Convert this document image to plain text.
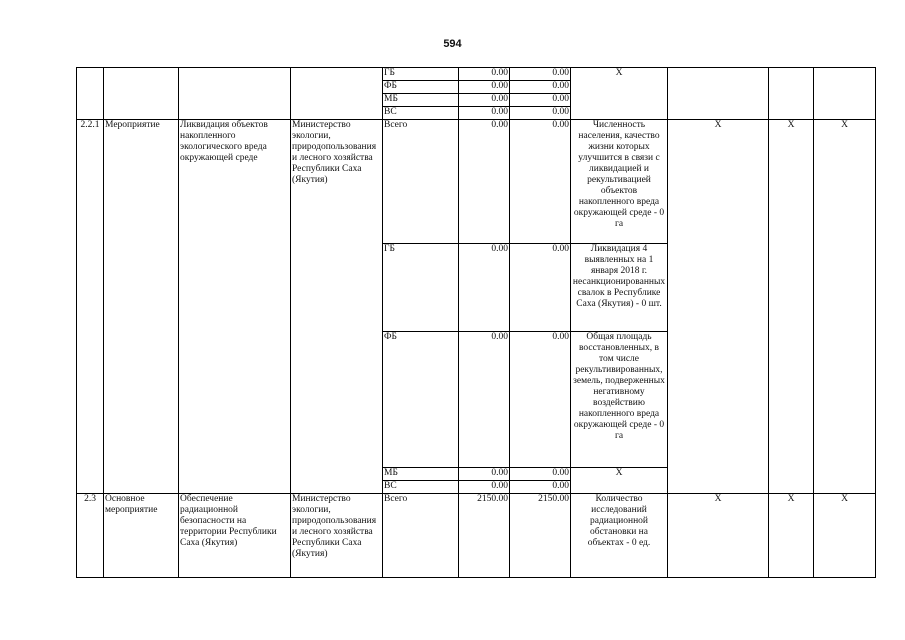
594
				ГБ	0.00	0.00	Х			
				ФБ	0.00	0.00				
				МБ	0.00	0.00				
				ВС	0.00	0.00				
2.2.1	Мероприятие	Ликвидация объектов накопленного экологического вреда окружающей среде	Министерство экологии, природопользования и лесного хозяйства Республики Саха (Якутия)	Всего	0.00	0.00	Численность населения, качество жизни которых улучшится в связи с ликвидацией и рекультивацией объектов накопленного вреда окружающей среде - 0 га	Х	Х	Х
				ГБ	0.00	0.00	Ликвидация 4 выявленных на 1 января 2018 г. несанкционированных свалок в Республике Саха (Якутия) - 0 шт.			
				ФБ	0.00	0.00	Общая площадь восстановленных, в том числе рекультивированных, земель, подверженных негативному воздействию накопленного вреда окружающей среде - 0 га			
				МБ	0.00	0.00	Х			
				ВС	0.00	0.00				
2.3	Основное мероприятие	Обеспечение радиационной безопасности на территории Республики Саха (Якутия)	Министерство экологии, природопользования и лесного хозяйства Республики Саха (Якутия)	Всего	2150.00	2150.00	Количество исследований радиационной обстановки на объектах - 0 ед.	Х	Х	Х
